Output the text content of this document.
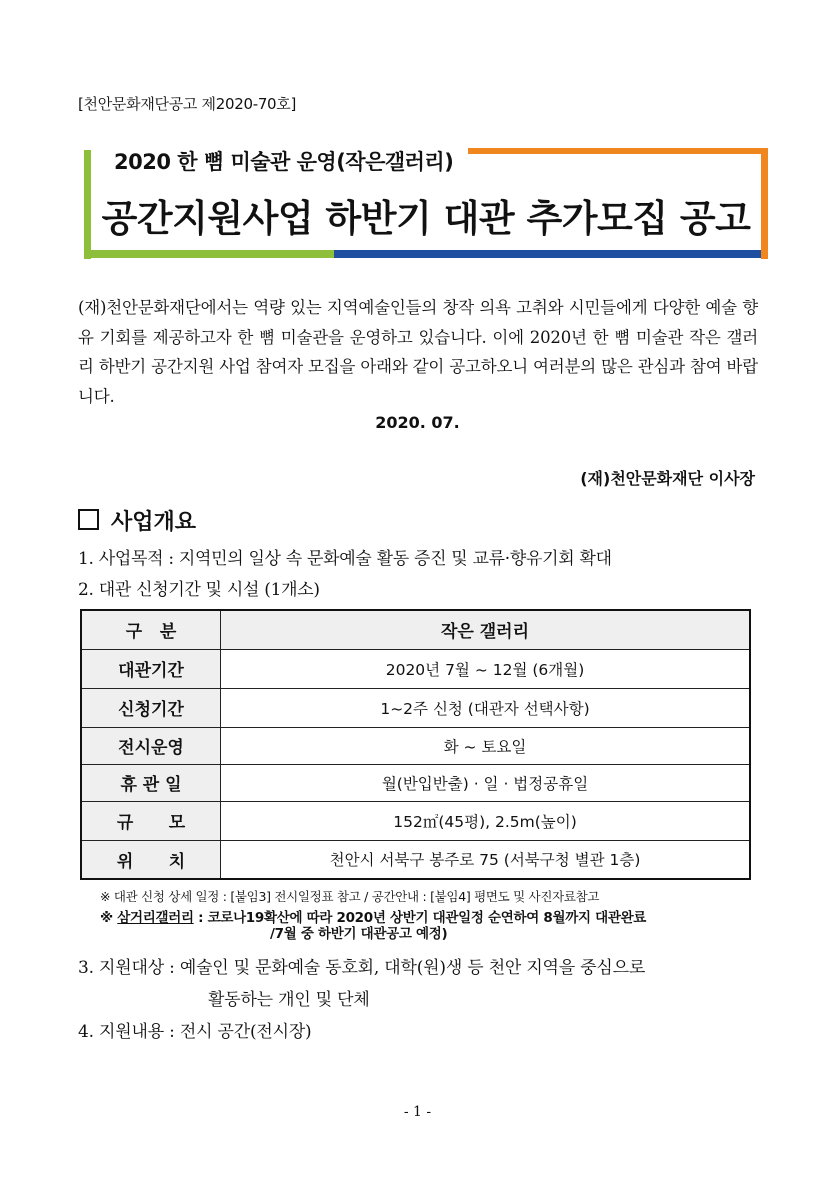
[천안문화재단공고 제2020-70호]
2020 한 뼘 미술관 운영(작은갤러리)
공간지원사업 하반기 대관 추가모집 공고
(재)천안문화재단에서는 역량 있는 지역예술인들의 창작 의욕 고취와 시민들에게 다양한 예술 향유 기회를 제공하고자 한 뼘 미술관을 운영하고 있습니다. 이에 2020년 한 뼘 미술관 작은 갤러리 하반기 공간지원 사업 참여자 모집을 아래와 같이 공고하오니 여러분의 많은 관심과 참여 바랍니다.
2020. 07.
(재)천안문화재단 이사장
사업개요
1. 사업목적 : 지역민의 일상 속 문화예술 활동 증진 및 교류·향유기회 확대
2. 대관 신청기간 및 시설 (1개소)
구   분	작은 갤러리
대관기간	2020년 7월 ~ 12월 (6개월)
신청기간	1~2주 신청 (대관자 선택사항)
전시운영	화 ~ 토요일
휴 관 일	월(반입반출) · 일 · 법정공휴일
규      모	152㎡(45평), 2.5m(높이)
위      치	천안시 서북구 봉주로 75 (서북구청 별관 1층)
※ 대관 신청 상세 일정 : [붙임3] 전시일정표 참고 / 공간안내 : [붙임4] 평면도 및 사진자료참고
※ 삼거리갤러리 : 코로나19확산에 따라 2020년 상반기 대관일정 순연하여 8월까지 대관완료
/7월 중 하반기 대관공고 예정)
3. 지원대상 : 예술인 및 문화예술 동호회, 대학(원)생 등 천안 지역을 중심으로
활동하는 개인 및 단체
4. 지원내용 : 전시 공간(전시장)
- 1 -
